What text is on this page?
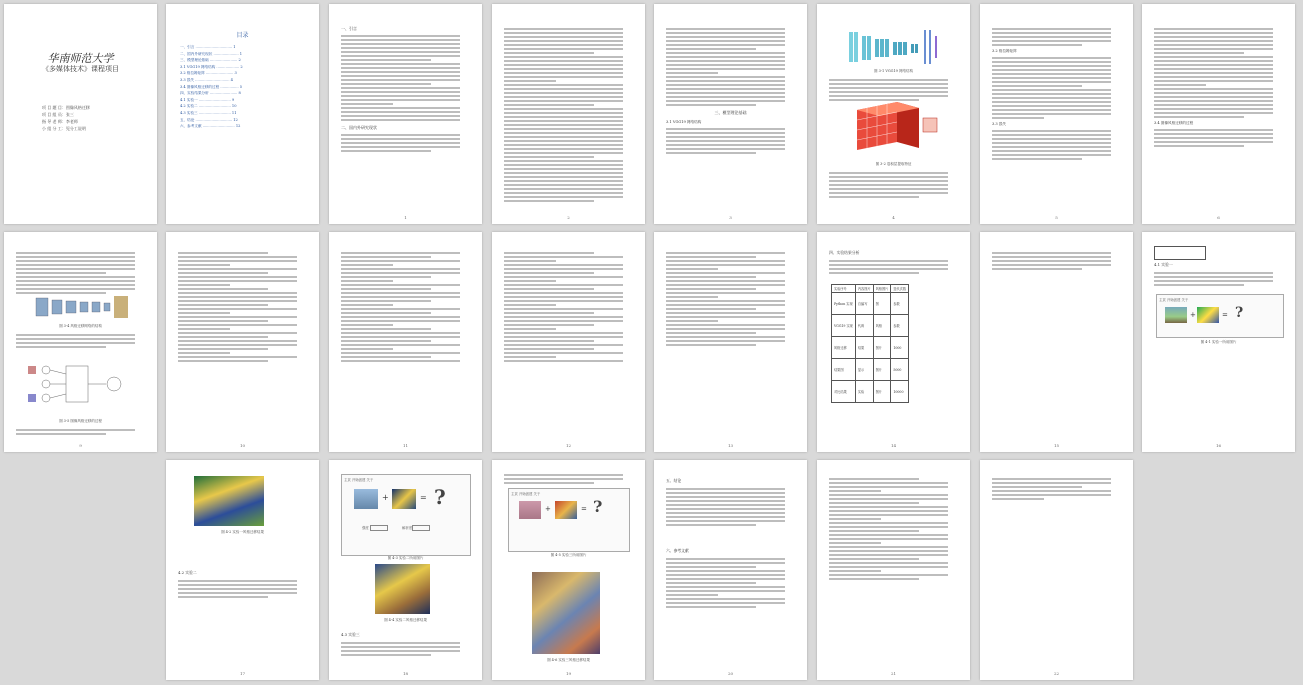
华南师范大学
《多媒体技术》课程项目
项 目 题 目：图像风格迁移
项 目 组 员：张三
指 导 老 师：李老师
小 组 分 工：见分工说明
目录
一、引言 ................................ 1
二、国内外研究现状 ...................... 1
三、模型理论基础 ........................ 2
3.1 VGG19 网络结构 .................... 2
3.2 格拉姆矩阵 ........................ 3
3.3 损失 .............................. 4
3.4 图像风格迁移的过程 ................ 5
四、实验结果分析 ........................ 8
4.1 实验一 ............................ 9
4.2 实验二 ............................ 10
4.3 实验三 ............................ 11
五、结论 ................................ 12
六、参考文献 ............................ 12
一、引言
二、国内外研究现状
1	2
三、模型理论基础
3.1 VGG19 网络结构
3
图 3-1 VGG19 网络结构
图 3-2 卷积层提取特征
4
3.2 格拉姆矩阵
3.3 损失
5
3.4 图像风格迁移的过程
6
图 3-4 风格迁移网络的结构
图 3-5 图像风格迁移的过程
9	10	11	12	13
四、实验结果分析
实验序号	内容图片	风格图片	迭代次数
Python 实现	自编写	图	参数
VGG19 实现	代码	风格	参数
风格迁移	结果	图片	1000
结果图	显示	图片	5000
对比结果	实验	图片	10000
14	15
4.1 实验一
主页 开始创建 关于
+	= ?
图 4-1 实验一所用图片
16
图 4-2 实验一风格迁移结果
4.2 实验二
17
主页 开始创建 关于
+	= ?
强度	解析度
图 4-3 实验二所用图片
图 4-4 实验二风格迁移结果
4.3 实验三
18
主页 开始创建 关于
+	= ?
图 4-5 实验三所用图片
图 4-6 实验三风格迁移结果
19
五、结论
六、参考文献
20	21	22
